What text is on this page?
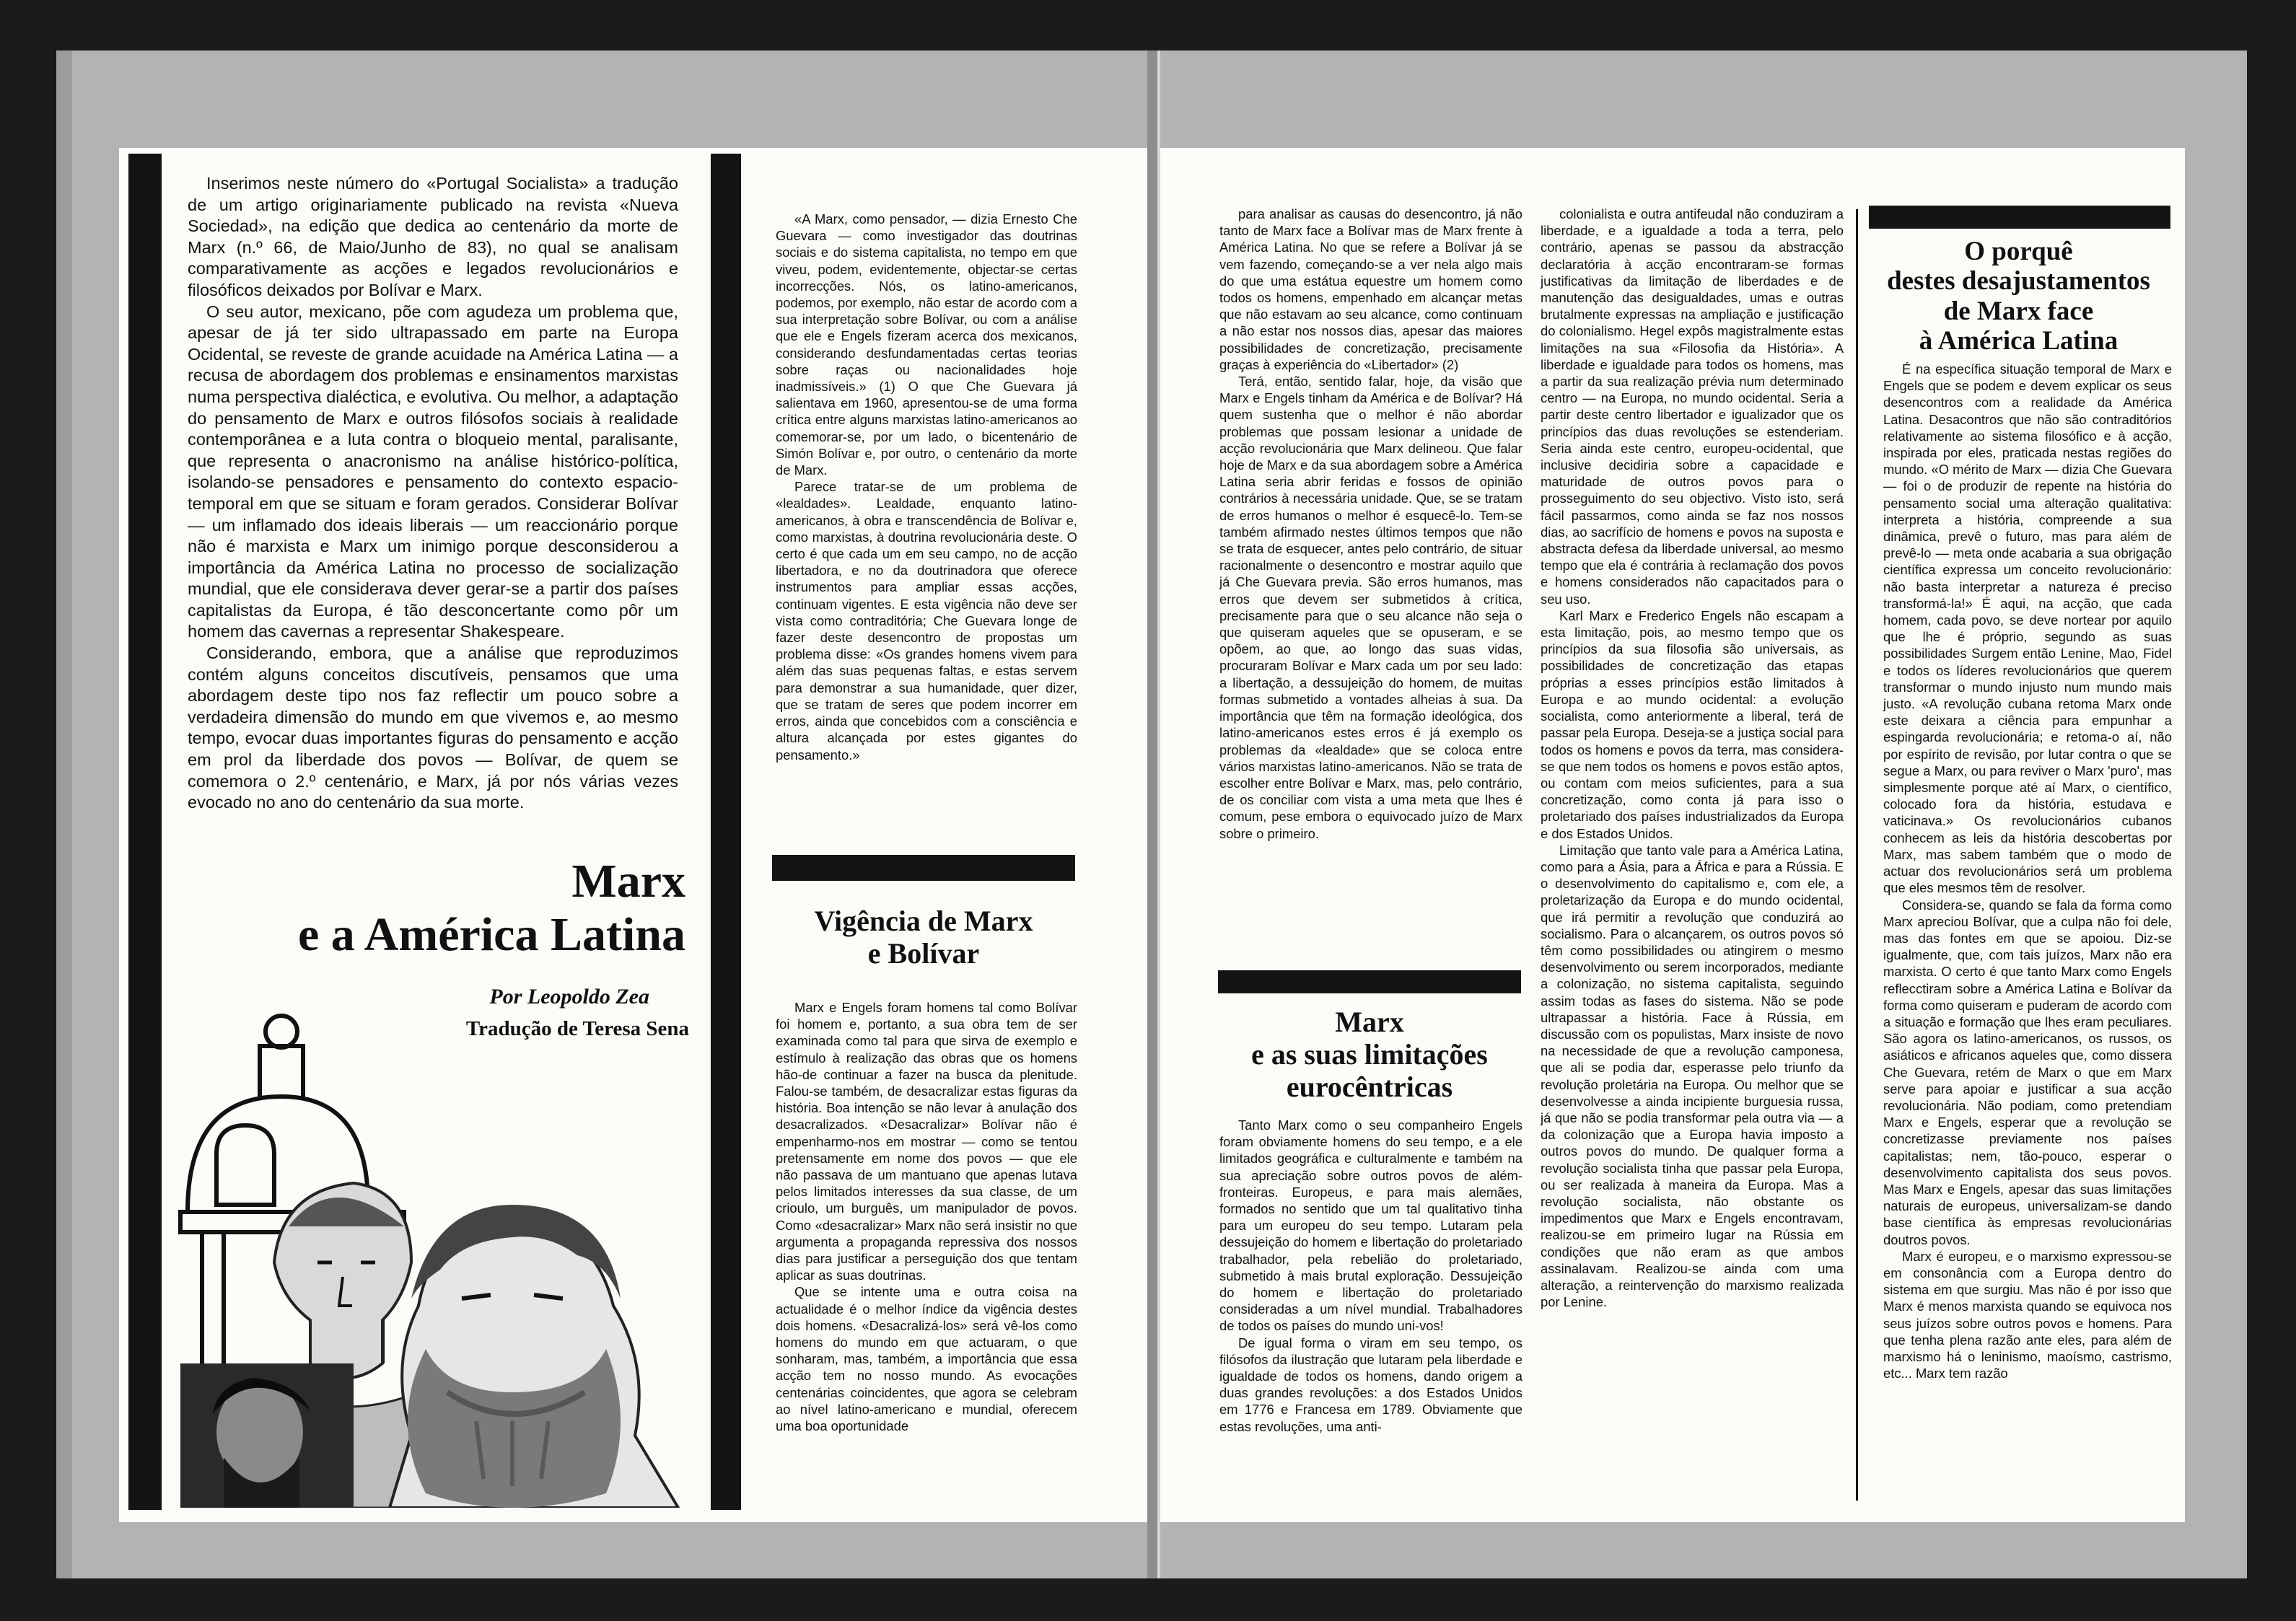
Inserimos neste número do «Portugal Socialista» a tradução de um artigo originariamente publicado na revista «Nueva Sociedad», na edição que dedica ao centenário da morte de Marx (n.º 66, de Maio/Junho de 83), no qual se analisam comparativamente as acções e legados revolucionários e filosóficos deixados por Bolívar e Marx.

O seu autor, mexicano, põe com agudeza um problema que, apesar de já ter sido ultrapassado em parte na Europa Ocidental, se reveste de grande acuidade na América Latina — a recusa de abordagem dos problemas e ensinamentos marxistas numa perspectiva dialéctica, e evolutiva. Ou melhor, a adaptação do pensamento de Marx e outros filósofos sociais à realidade contemporânea e a luta contra o bloqueio mental, paralisante, que representa o anacronismo na análise histórico-política, isolando-se pensadores e pensamento do contexto espacio-temporal em que se situam e foram gerados. Considerar Bolívar — um inflamado dos ideais liberais — um reaccionário porque não é marxista e Marx um inimigo porque desconsiderou a importância da América Latina no processo de socialização mundial, que ele considerava dever gerar-se a partir dos países capitalistas da Europa, é tão desconcertante como pôr um homem das cavernas a representar Shakespeare.

Considerando, embora, que a análise que reproduzimos contém alguns conceitos discutíveis, pensamos que uma abordagem deste tipo nos faz reflectir um pouco sobre a verdadeira dimensão do mundo em que vivemos e, ao mesmo tempo, evocar duas importantes figuras do pensamento e acção em prol da liberdade dos povos — Bolívar, de quem se comemora o 2.º centenário, e Marx, já por nós várias vezes evocado no ano do centenário da sua morte.

Marx
e a América Latina
Por Leopoldo Zea
Tradução de Teresa Sena

«A Marx, como pensador, — dizia Ernesto Che Guevara — como investigador das doutrinas sociais e do sistema capitalista, no tempo em que viveu, podem, evidentemente, objectar-se certas incorrecções. Nós, os latino-americanos, podemos, por exemplo, não estar de acordo com a sua interpretação sobre Bolívar, ou com a análise que ele e Engels fizeram acerca dos mexicanos, considerando desfundamentadas certas teorias sobre raças ou nacionalidades hoje inadmissíveis.» (1) O que Che Guevara já salientava em 1960, apresentou-se de uma forma crítica entre alguns marxistas latino-americanos ao comemorar-se, por um lado, o bicentenário de Simón Bolívar e, por outro, o centenário da morte de Marx.

Parece tratar-se de um problema de «lealdades». Lealdade, enquanto latino-americanos, à obra e transcendência de Bolívar e, como marxistas, à doutrina revolucionária deste. O certo é que cada um em seu campo, no de acção libertadora, e no da doutrinadora que oferece instrumentos para ampliar essas acções, continuam vigentes. E esta vigência não deve ser vista como contraditória; Che Guevara longe de fazer deste desencontro de propostas um problema disse: «Os grandes homens vivem para além das suas pequenas faltas, e estas servem para demonstrar a sua humanidade, quer dizer, que se tratam de seres que podem incorrer em erros, ainda que concebidos com a consciência e altura alcançada por estes gigantes do pensamento.»

Vigência de Marx
e Bolívar

Marx e Engels foram homens tal como Bolívar foi homem e, portanto, a sua obra tem de ser examinada como tal para que sirva de exemplo e estímulo à realização das obras que os homens hão-de continuar a fazer na busca da plenitude. Falou-se também, de desacralizar estas figuras da história. Boa intenção se não levar à anulação dos desacralizados. «Desacralizar» Bolívar não é empenharmo-nos em mostrar — como se tentou pretensamente em nome dos povos — que ele não passava de um mantuano que apenas lutava pelos limitados interesses da sua classe, de um crioulo, um burguês, um manipulador de povos. Como «desacralizar» Marx não será insistir no que argumenta a propaganda repressiva dos nossos dias para justificar a perseguição dos que tentam aplicar as suas doutrinas.

Que se intente uma e outra coisa na actualidade é o melhor índice da vigência destes dois homens. «Desacralizá-los» será vê-los como homens do mundo em que actuaram, o que sonharam, mas, também, a importância que essa acção tem no nosso mundo. As evocações centenárias coincidentes, que agora se celebram ao nível latino-americano e mundial, oferecem uma boa oportunidade

para analisar as causas do desencontro, já não tanto de Marx face a Bolívar mas de Marx frente à América Latina. No que se refere a Bolívar já se vem fazendo, começando-se a ver nela algo mais do que uma estátua equestre um homem como todos os homens, empenhado em alcançar metas que não estavam ao seu alcance, como continuam a não estar nos nossos dias, apesar das maiores possibilidades de concretização, precisamente graças à experiência do «Libertador» (2)

Terá, então, sentido falar, hoje, da visão que Marx e Engels tinham da América e de Bolívar? Há quem sustenha que o melhor é não abordar problemas que possam lesionar a unidade de acção revolucionária que Marx delineou. Que falar hoje de Marx e da sua abordagem sobre a América Latina seria abrir feridas e fossos de opinião contrários à necessária unidade. Que, se se tratam de erros humanos o melhor é esquecê-lo. Tem-se também afirmado nestes últimos tempos que não se trata de esquecer, antes pelo contrário, de situar racionalmente o desencontro e mostrar aquilo que já Che Guevara previa. São erros humanos, mas erros que devem ser submetidos à crítica, precisamente para que o seu alcance não seja o que quiseram aqueles que se opuseram, e se opõem, ao que, ao longo das suas vidas, procuraram Bolívar e Marx cada um por seu lado: a libertação, a dessujeição do homem, de muitas formas submetido a vontades alheias à sua. Da importância que têm na formação ideológica, dos latino-americanos estes erros é já exemplo os problemas da «lealdade» que se coloca entre vários marxistas latino-americanos. Não se trata de escolher entre Bolívar e Marx, mas, pelo contrário, de os conciliar com vista a uma meta que lhes é comum, pese embora o equivocado juízo de Marx sobre o primeiro.

Marx
e as suas limitações
eurocêntricas

Tanto Marx como o seu companheiro Engels foram obviamente homens do seu tempo, e a ele limitados geográfica e culturalmente e também na sua apreciação sobre outros povos de além-fronteiras. Europeus, e para mais alemães, formados no sentido que um tal qualitativo tinha para um europeu do seu tempo. Lutaram pela dessujeição do homem e libertação do proletariado trabalhador, pela rebelião do proletariado, submetido à mais brutal exploração. Dessujeição do homem e libertação do proletariado consideradas a um nível mundial. Trabalhadores de todos os países do mundo uni-vos!

De igual forma o viram em seu tempo, os filósofos da ilustração que lutaram pela liberdade e igualdade de todos os homens, dando origem a duas grandes revoluções: a dos Estados Unidos em 1776 e Francesa em 1789. Obviamente que estas revoluções, uma anti-

colonialista e outra antifeudal não conduziram a liberdade, e a igualdade a toda a terra, pelo contrário, apenas se passou da abstracção declaratória à acção encontraram-se formas justificativas da limitação de liberdades e de manutenção das desigualdades, umas e outras brutalmente expressas na ampliação e justificação do colonialismo. Hegel expôs magistralmente estas limitações na sua «Filosofia da História». A liberdade e igualdade para todos os homens, mas a partir da sua realização prévia num determinado centro — na Europa, no mundo ocidental. Seria a partir deste centro libertador e igualizador que os princípios das duas revoluções se estenderiam. Seria ainda este centro, europeu-ocidental, que inclusive decidiria sobre a capacidade e maturidade de outros povos para o prosseguimento do seu objectivo. Visto isto, será fácil passarmos, como ainda se faz nos nossos dias, ao sacrifício de homens e povos na suposta e abstracta defesa da liberdade universal, ao mesmo tempo que ela é contrária à reclamação dos povos e homens considerados não capacitados para o seu uso.

Karl Marx e Frederico Engels não escapam a esta limitação, pois, ao mesmo tempo que os princípios da sua filosofia são universais, as possibilidades de concretização das etapas próprias a esses princípios estão limitados à Europa e ao mundo ocidental: a evolução socialista, como anteriormente a liberal, terá de passar pela Europa. Deseja-se a justiça social para todos os homens e povos da terra, mas considera-se que nem todos os homens e povos estão aptos, ou contam com meios suficientes, para a sua concretização, como conta já para isso o proletariado dos países industrializados da Europa e dos Estados Unidos.

Limitação que tanto vale para a América Latina, como para a Ásia, para a África e para a Rússia. E o desenvolvimento do capitalismo e, com ele, a proletarização da Europa e do mundo ocidental, que irá permitir a revolução que conduzirá ao socialismo. Para o alcançarem, os outros povos só têm como possibilidades ou atingirem o mesmo desenvolvimento ou serem incorporados, mediante a colonização, no sistema capitalista, seguindo assim todas as fases do sistema. Não se pode ultrapassar a história. Face à Rússia, em discussão com os populistas, Marx insiste de novo na necessidade de que a revolução camponesa, que ali se podia dar, esperasse pelo triunfo da revolução proletária na Europa. Ou melhor que se desenvolvesse a ainda incipiente burguesia russa, já que não se podia transformar pela outra via — a da colonização que a Europa havia imposto a outros povos do mundo. De qualquer forma a revolução socialista tinha que passar pela Europa, ou ser realizada à maneira da Europa. Mas a revolução socialista, não obstante os impedimentos que Marx e Engels encontravam, realizou-se em primeiro lugar na Rússia em condições que não eram as que ambos assinalavam. Realizou-se ainda com uma alteração, a reintervenção do marxismo realizada por Lenine.

O porquê
destes desajustamentos
de Marx face
à América Latina

É na específica situação temporal de Marx e Engels que se podem e devem explicar os seus desencontros com a realidade da América Latina. Desacontros que não são contraditórios relativamente ao sistema filosófico e à acção, inspirada por eles, praticada nestas regiões do mundo. «O mérito de Marx — dizia Che Guevara — foi o de produzir de repente na história do pensamento social uma alteração qualitativa: interpreta a história, compreende a sua dinâmica, prevê o futuro, mas para além de prevê-lo — meta onde acabaria a sua obrigação científica expressa um conceito revolucionário: não basta interpretar a natureza é preciso transformá-la!» É aqui, na acção, que cada homem, cada povo, se deve nortear por aquilo que lhe é próprio, segundo as suas possibilidades Surgem então Lenine, Mao, Fidel e todos os líderes revolucionários que querem transformar o mundo injusto num mundo mais justo. «A revolução cubana retoma Marx onde este deixara a ciência para empunhar a espingarda revolucionária; e retoma-o aí, não por espírito de revisão, por lutar contra o que se segue a Marx, ou para reviver o Marx 'puro', mas simplesmente porque até aí Marx, o científico, colocado fora da história, estudava e vaticinava.» Os revolucionários cubanos conhecem as leis da história descobertas por Marx, mas sabem também que o modo de actuar dos revolucionários será um problema que eles mesmos têm de resolver.

Considera-se, quando se fala da forma como Marx apreciou Bolívar, que a culpa não foi dele, mas das fontes em que se apoiou. Diz-se igualmente, que, com tais juízos, Marx não era marxista. O certo é que tanto Marx como Engels reflecctiram sobre a América Latina e Bolívar da forma como quiseram e puderam de acordo com a situação e formação que lhes eram peculiares. São agora os latino-americanos, os russos, os asiáticos e africanos aqueles que, como dissera Che Guevara, retém de Marx o que em Marx serve para apoiar e justificar a sua acção revolucionária. Não podiam, como pretendiam Marx e Engels, esperar que a revolução se concretizasse previamente nos países capitalistas; nem, tão-pouco, esperar o desenvolvimento capitalista dos seus povos. Mas Marx e Engels, apesar das suas limitações naturais de europeus, universalizam-se dando base científica às empresas revolucionárias doutros povos.

Marx é europeu, e o marxismo expressou-se em consonância com a Europa dentro do sistema em que surgiu. Mas não é por isso que Marx é menos marxista quando se equivoca nos seus juízos sobre outros povos e homens. Para que tenha plena razão ante eles, para além de marxismo há o leninismo, maoísmo, castrismo, etc... Marx tem razão
